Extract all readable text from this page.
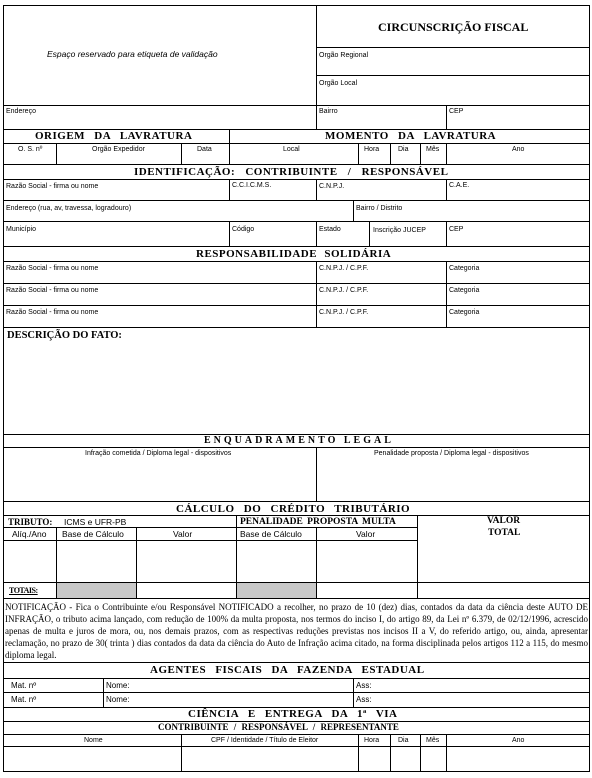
Espaço reservado para etiqueta de validação
CIRCUNSCRIÇÃO FISCAL
Orgão Regional
Orgão Local
Endereço	Bairro	CEP
ORIGEM DA LAVRATURA	MOMENTO DA LAVRATURA
O. S. nº	Orgão Expedidor	Data	Local	Hora	Dia Mês	Ano
IDENTIFICAÇÃO: CONTRIBUINTE / RESPONSÁVEL
Razão Social - firma ou nome	C.C.I.C.M.S.	C.N.P.J.	C.A.E.
Endereço (rua, av, travessa, logradouro)	Bairro / Distrito
Município	Código	Estado	Inscrição JUCEP	CEP
RESPONSABILIDADE SOLIDÁRIA
Razão Social - firma ou nome	C.N.P.J. / C.P.F.	Categoria
Razão Social - firma ou nome	C.N.P.J. / C.P.F.	Categoria
Razão Social - firma ou nome	C.N.P.J. / C.P.F.	Categoria
DESCRIÇÃO DO FATO:
ENQUADRAMENTO LEGAL
Infração cometida / Diploma legal - dispositivos	Penalidade proposta / Diploma legal - dispositivos
CÁLCULO DO CRÉDITO TRIBUTÁRIO
TRIBUTO: ICMS e UFR-PB	PENALIDADE PROPOSTA MULTA	VALOR
TOTAL
Alíq./Ano Base de Cálculo	Valor	Base de Cálculo	Valor
TOTAIS:
NOTIFICAÇÃO - Fica o Contribuinte e/ou Responsável NOTIFICADO a recolher, no prazo de 10 (dez) dias, contados da data da ciência deste AUTO DE INFRAÇÃO, o tributo acima lançado, com redução de 100% da multa proposta, nos termos do inciso I, do artigo 89, da Lei nº 6.379, de 02/12/1996, acrescido apenas de multa e juros de mora, ou, nos demais prazos, com as respectivas reduções previstas nos incisos II a V, do referido artigo, ou, ainda, apresentar reclamação, no prazo de 30( trinta ) dias contados da data da ciência do Auto de Infração acima citado, na forma disciplinada pelos artigos 112 a 115, do mesmo diploma legal.
AGENTES FISCAIS DA FAZENDA ESTADUAL
Mat. nº	Nome:	Ass:
Mat. nº	Nome:	Ass:
CIÊNCIA E ENTREGA DA 1ª VIA
CONTRIBUINTE / RESPONSÁVEL / REPRESENTANTE
Nome	CPF / Identidade / Título de Eleitor	Hora	Dia Mês	Ano
